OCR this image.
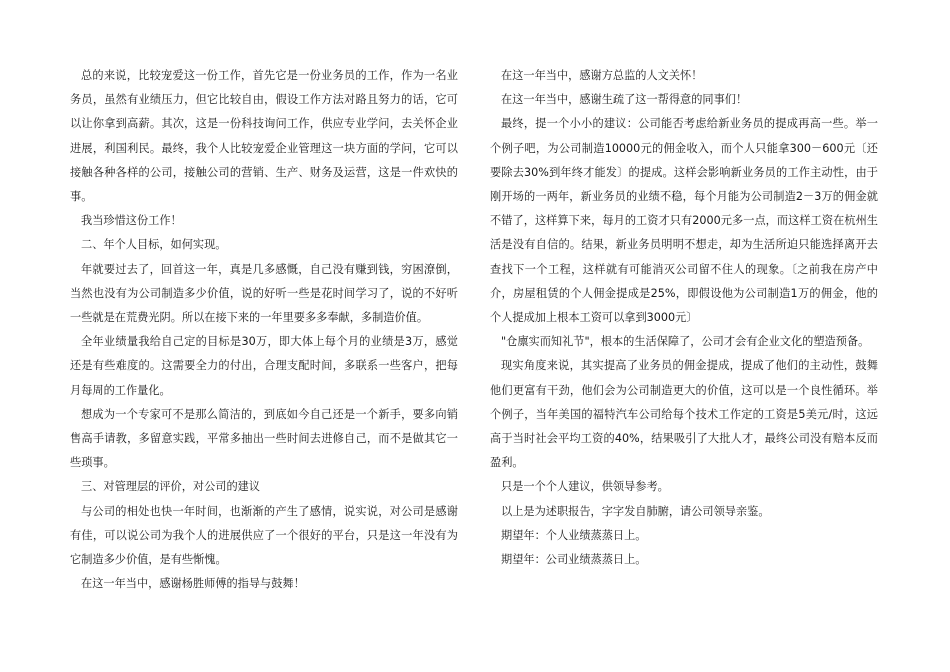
总的来说，比较宠爱这一份工作，首先它是一份业务员的工作，作为一名业务员，虽然有业绩压力，但它比较自由，假设工作方法对路且努力的话，它可以让你拿到高薪。其次，这是一份科技询问工作，供应专业学问，去关怀企业进展，利国利民。最终，我个人比较宠爱企业管理这一块方面的学问，它可以接触各种各样的公司，接触公司的营销、生产、财务及运营，这是一件欢快的事。

我当珍惜这份工作！

二、年个人目标，如何实现。

年就要过去了，回首这一年，真是几多感慨，自己没有赚到钱，穷困潦倒，当然也没有为公司制造多少价值，说的好听一些是花时间学习了，说的不好听一些就是在荒费光阴。所以在接下来的一年里要多多奉献，多制造价值。

全年业绩量我给自己定的目标是30万，即大体上每个月的业绩是3万，感觉还是有些难度的。这需要全力的付出，合理支配时间，多联系一些客户，把每月每周的工作量化。

想成为一个专家可不是那么简洁的，到底如今自己还是一个新手，要多向销售高手请教，多留意实践，平常多抽出一些时间去进修自己，而不是做其它一些琐事。

三、对管理层的评价，对公司的建议

与公司的相处也快一年时间，也渐渐的产生了感情，说实说，对公司是感谢有佳，可以说公司为我个人的进展供应了一个很好的平台，只是这一年没有为它制造多少价值，是有些惭愧。

在这一年当中，感谢杨胜师傅的指导与鼓舞！

在这一年当中，感谢方总监的人文关怀！

在这一年当中，感谢生疏了这一帮得意的同事们！

最终，提一个小小的建议：公司能否考虑给新业务员的提成再高一些。举一个例子吧，为公司制造10000元的佣金收入，而个人只能拿300－600元〔还要除去30%到年终才能发〕的提成。这样会影响新业务员的工作主动性，由于刚开场的一两年，新业务员的业绩不稳，每个月能为公司制造2－3万的佣金就不错了，这样算下来，每月的工资才只有2000元多一点，而这样工资在杭州生活是没有自信的。结果，新业务员明明不想走，却为生活所迫只能选择离开去查找下一个工程，这样就有可能消灭公司留不住人的现象。〔之前我在房产中介，房屋租赁的个人佣金提成是25%，即假设他为公司制造1万的佣金，他的个人提成加上根本工资可以拿到3000元〕

"仓廪实而知礼节"，根本的生活保障了，公司才会有企业文化的塑造预备。

现实角度来说，其实提高了业务员的佣金提成，提成了他们的主动性，鼓舞他们更富有干劲，他们会为公司制造更大的价值，这可以是一个良性循环。举个例子，当年美国的福特汽车公司给每个技术工作定的工资是5美元/时，这远高于当时社会平均工资的40%，结果吸引了大批人才，最终公司没有赔本反而盈利。

只是一个个人建议，供领导参考。

以上是为述职报告，字字发自肺腑，请公司领导亲鉴。

期望年：个人业绩蒸蒸日上。

期望年：公司业绩蒸蒸日上。
